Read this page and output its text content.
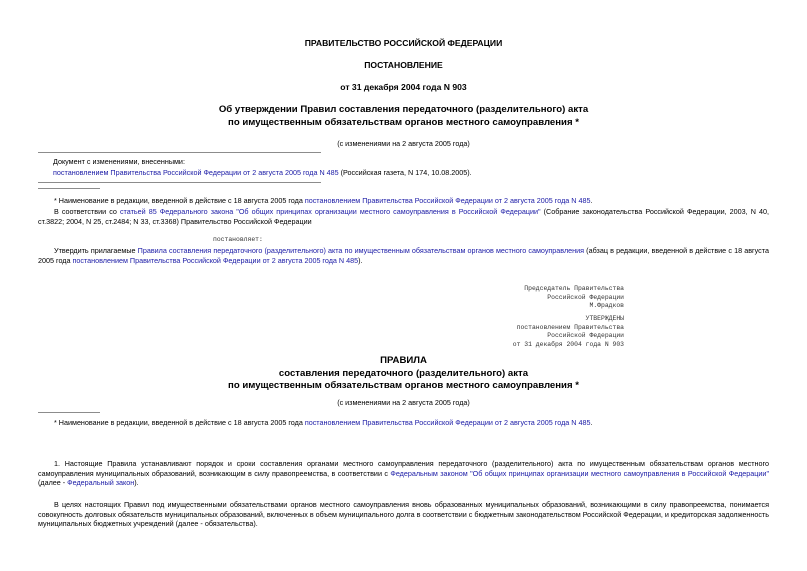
ПРАВИТЕЛЬСТВО РОССИЙСКОЙ ФЕДЕРАЦИИ
ПОСТАНОВЛЕНИЕ
от 31 декабря 2004 года N 903
Об утверждении Правил составления передаточного (разделительного) акта
по имущественным обязательствам органов местного самоуправления *
(с изменениями на 2 августа 2005 года)
Документ с изменениями, внесенными:
постановлением Правительства Российской Федерации от 2 августа 2005 года N 485 (Российская газета, N 174, 10.08.2005).
* Наименование в редакции, введенной в действие с 18 августа 2005 года постановлением Правительства Российской Федерации от 2 августа 2005 года N 485.
В соответствии со статьей 85 Федерального закона "Об общих принципах организации местного самоуправления в Российской Федерации" (Собрание законодательства Российской Федерации, 2003, N 40, ст.3822; 2004, N 25, ст.2484; N 33, ст.3368) Правительство Российской Федерации
постановляет:
Утвердить прилагаемые Правила составления передаточного (разделительного) акта по имущественным обязательствам органов местного самоуправления (абзац в редакции, введенной в действие с 18 августа 2005 года постановлением Правительства Российской Федерации от 2 августа 2005 года N 485).
Председатель Правительства
Российской Федерации
М.Фрадков
УТВЕРЖДЕНЫ
постановлением Правительства
Российской Федерации
от 31 декабря 2004 года N 903
ПРАВИЛА
составления передаточного (разделительного) акта
по имущественным обязательствам органов местного самоуправления *
(с изменениями на 2 августа 2005 года)
* Наименование в редакции, введенной в действие с 18 августа 2005 года постановлением Правительства Российской Федерации от 2 августа 2005 года N 485.
1. Настоящие Правила устанавливают порядок и сроки составления органами местного самоуправления передаточного (разделительного) акта по имущественным обязательствам органов местного самоуправления муниципальных образований, возникающим в силу правопреемства, в соответствии с Федеральным законом "Об общих принципах организации местного самоуправления в Российской Федерации" (далее - Федеральный закон).
В целях настоящих Правил под имущественными обязательствами органов местного самоуправления вновь образованных муниципальных образований, возникающими в силу правопреемства, понимается совокупность долговых обязательств муниципальных образований, включенных в объем муниципального долга в соответствии с бюджетным законодательством Российской Федерации, и кредиторская задолженность муниципальных бюджетных учреждений (далее - обязательства).
